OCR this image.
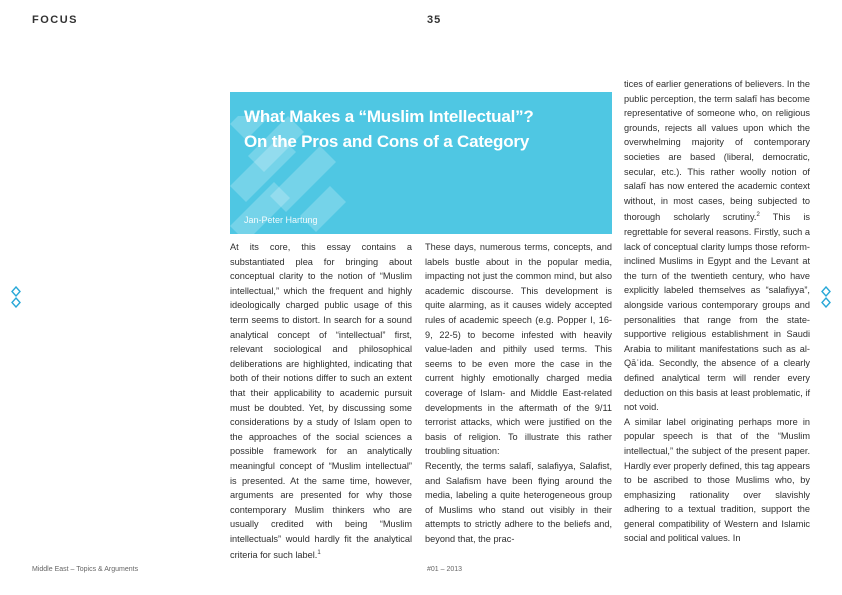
FOCUS	35
What Makes a “Muslim Intellectual”?
On the Pros and Cons of a Category
Jan-Peter Hartung

At its core, this essay contains a substantiated plea for bringing about conceptual clarity to the notion of “Muslim intellectual,” which the frequent and highly ideologically charged public usage of this term seems to distort. In search for a sound analytical concept of “intellectual” first, relevant sociological and philosophical deliberations are highlighted, indicating that both of their notions differ to such an extent that their applicability to academic pursuit must be doubted. Yet, by discussing some considerations by a study of Islam open to the approaches of the social sciences a possible framework for an analytically meaningful concept of “Muslim intellectual” is presented. At the same time, however, arguments are presented for why those contemporary Muslim thinkers who are usually credited with being “Muslim intellectuals” would hardly fit the analytical criteria for such label.$^1$

These days, numerous terms, concepts, and labels bustle about in the popular media, impacting not just the common mind, but also academic discourse. This development is quite alarming, as it causes widely accepted rules of academic speech (e.g. Popper I, 16-9, 22-5) to become infested with heavily value-laden and pithily used terms. This seems to be even more the case in the current highly emotionally charged media coverage of Islam- and Middle East-related developments in the aftermath of the 9/11 terrorist attacks, which were justified on the basis of religion. To illustrate this rather troubling situation:

Recently, the terms salafī, salafiyya, Salafist, and Salafism have been flying around the media, labeling a quite heterogeneous group of Muslims who stand out visibly in their attempts to strictly adhere to the beliefs and, beyond that, the prac-

tices of earlier generations of believers. In the public perception, the term salafī has become representative of someone who, on religious grounds, rejects all values upon which the overwhelming majority of contemporary societies are based (liberal, democratic, secular, etc.). This rather woolly notion of salafī has now entered the academic context without, in most cases, being subjected to thorough scholarly scrutiny.$^2$ This is regrettable for several reasons. Firstly, such a lack of conceptual clarity lumps those reform-inclined Muslims in Egypt and the Levant at the turn of the twentieth century, who have explicitly labeled themselves as “salafiyya”, alongside various contemporary groups and personalities that range from the state-supportive religious establishment in Saudi Arabia to militant manifestations such as al-Qāʿida. Secondly, the absence of a clearly defined analytical term will render every deduction on this basis at least problematic, if not void.

A similar label originating perhaps more in popular speech is that of the “Muslim intellectual,” the subject of the present paper. Hardly ever properly defined, this tag appears to be ascribed to those Muslims who, by emphasizing rationality over slavishly adhering to a textual tradition, support the general compatibility of Western and Islamic social and political values. In

Middle East – Topics & Arguments	#01 – 2013
